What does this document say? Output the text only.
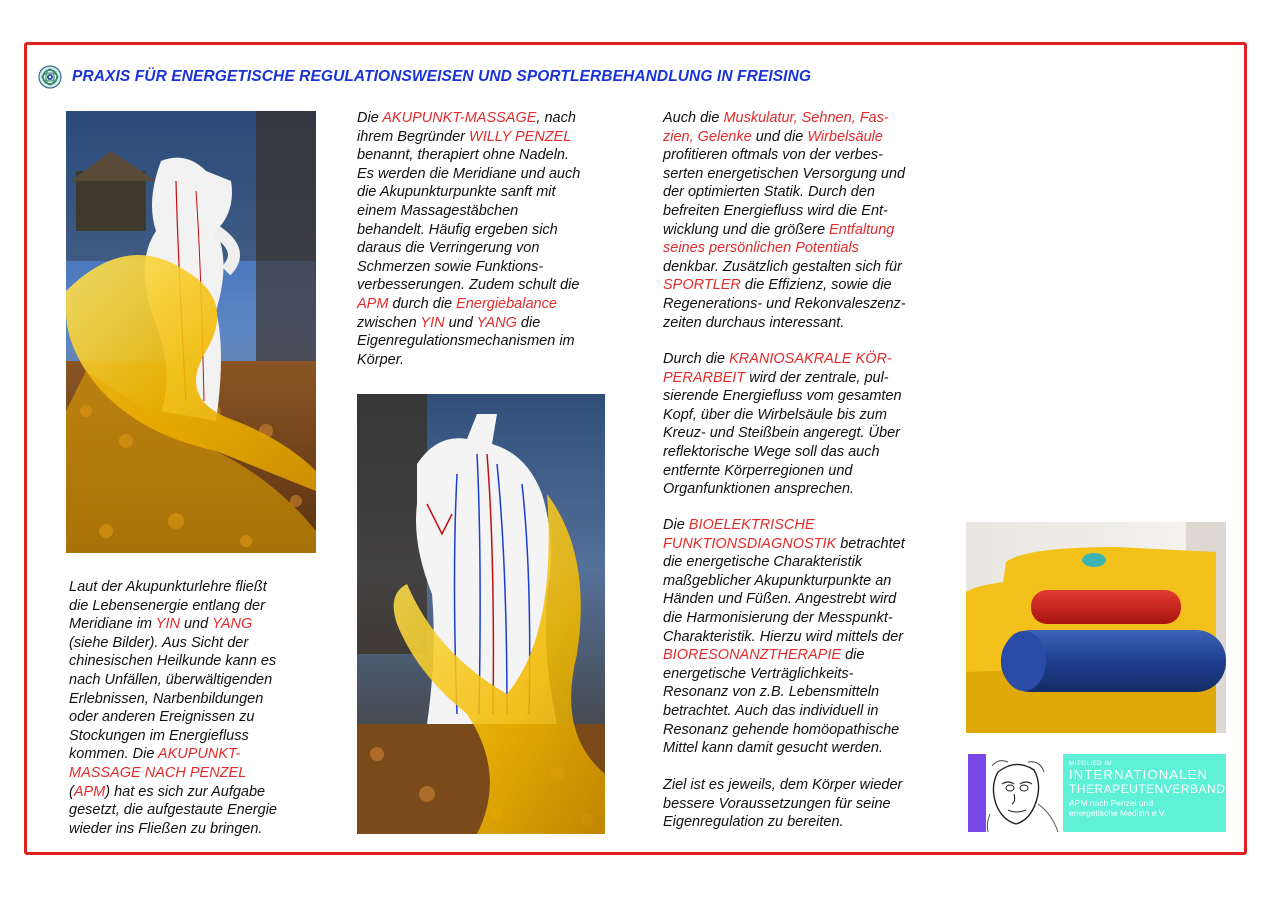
PRAXIS FÜR ENERGETISCHE REGULATIONSWEISEN UND SPORTLERBEHANDLUNG IN FREISING

Laut der Akupunkturlehre fließt

die Lebensenergie entlang der

Meridiane im YIN und YANG

(siehe Bilder). Aus Sicht der

chinesischen Heilkunde kann es

nach Unfällen, überwältigenden

Erlebnissen, Narbenbildungen

oder anderen Ereignissen zu

Stockungen im Energiefluss

kommen. Die AKUPUNKT-

MASSAGE NACH PENZEL

(APM) hat es sich zur Aufgabe

gesetzt, die aufgestaute Energie

wieder ins Fließen zu bringen.

Die AKUPUNKT-MASSAGE, nach

ihrem Begründer WILLY PENZEL

benannt, therapiert ohne Nadeln.

Es werden die Meridiane und auch

die Akupunkturpunkte sanft mit

einem Massagestäbchen

behandelt. Häufig ergeben sich

daraus die Verringerung von

Schmerzen sowie Funktions-

verbesserungen. Zudem schult die

APM durch die Energiebalance

zwischen YIN und YANG die

Eigenregulationsmechanismen im

Körper.

Auch die Muskulatur, Sehnen, Fas-

zien, Gelenke und die Wirbelsäule

profitieren oftmals von der verbes-

serten energetischen Versorgung und

der optimierten Statik. Durch den

befreiten Energiefluss wird die Ent-

wicklung und die größere Entfaltung

seines persönlichen Potentials

denkbar. Zusätzlich gestalten sich für

SPORTLER die Effizienz, sowie die

Regenerations- und Rekonvaleszenz-

zeiten durchaus interessant.

Durch die KRANIOSAKRALE KÖR-

PERARBEIT wird der zentrale, pul-

sierende Energiefluss vom gesamten

Kopf, über die Wirbelsäule bis zum

Kreuz- und Steißbein angeregt. Über

reflektorische Wege soll das auch

entfernte Körperregionen und

Organfunktionen ansprechen.

Die BIOELEKTRISCHE

FUNKTIONSDIAGNOSTIK betrachtet

die energetische Charakteristik

maßgeblicher Akupunkturpunkte an

Händen und Füßen. Angestrebt wird

die Harmonisierung der Messpunkt-

Charakteristik. Hierzu wird mittels der

BIORESONANZTHERAPIE die

energetische Verträglichkeits-

Resonanz von z.B. Lebensmitteln

betrachtet. Auch das individuell in

Resonanz gehende homöopathische

Mittel kann damit gesucht werden.

Ziel ist es jeweils, dem Körper wieder

bessere Voraussetzungen für seine

Eigenregulation zu bereiten.

MITGLIED IM
INTERNATIONALEN
THERAPEUTENVERBAND
APM nach Penzel und
energetische Medizin e.V.
